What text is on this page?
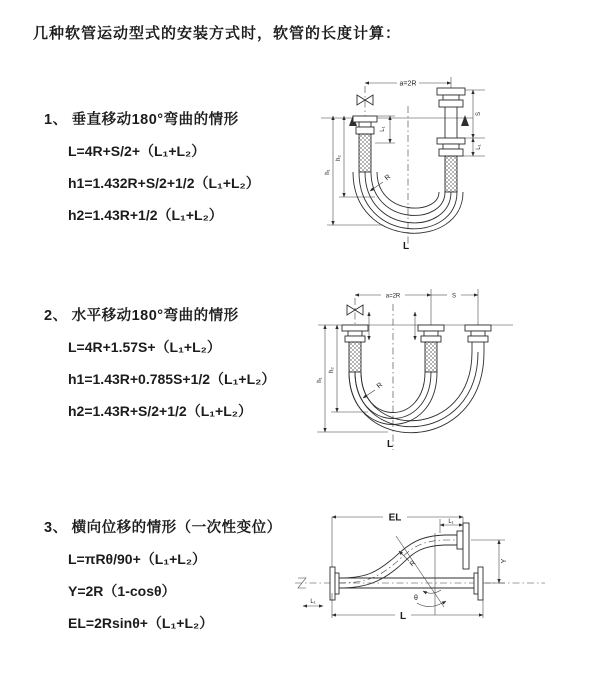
几种软管运动型式的安装方式时，软管的长度计算：
1、 垂直移动180°弯曲的情形
L=4R+S/2+（L₁+L₂）
h1=1.432R+S/2+1/2（L₁+L₂）
h2=1.43R+1/2（L₁+L₂）
2、 水平移动180°弯曲的情形
L=4R+1.57S+（L₁+L₂）
h1=1.43R+0.785S+1/2（L₁+L₂）
h2=1.43R+S/2+1/2（L₁+L₂）
3、 横向位移的情形（一次性变位）
L=πRθ/90+（L₁+L₂）
Y=2R（1-cosθ）
EL=2Rsinθ+（L₁+L₂）
a=2R
L₁
S
L₁
h₁
h₂
R
L
a=2R	S
h₁
h₂
R
L
EL	L₁
Y
θ
R
L₁
L
